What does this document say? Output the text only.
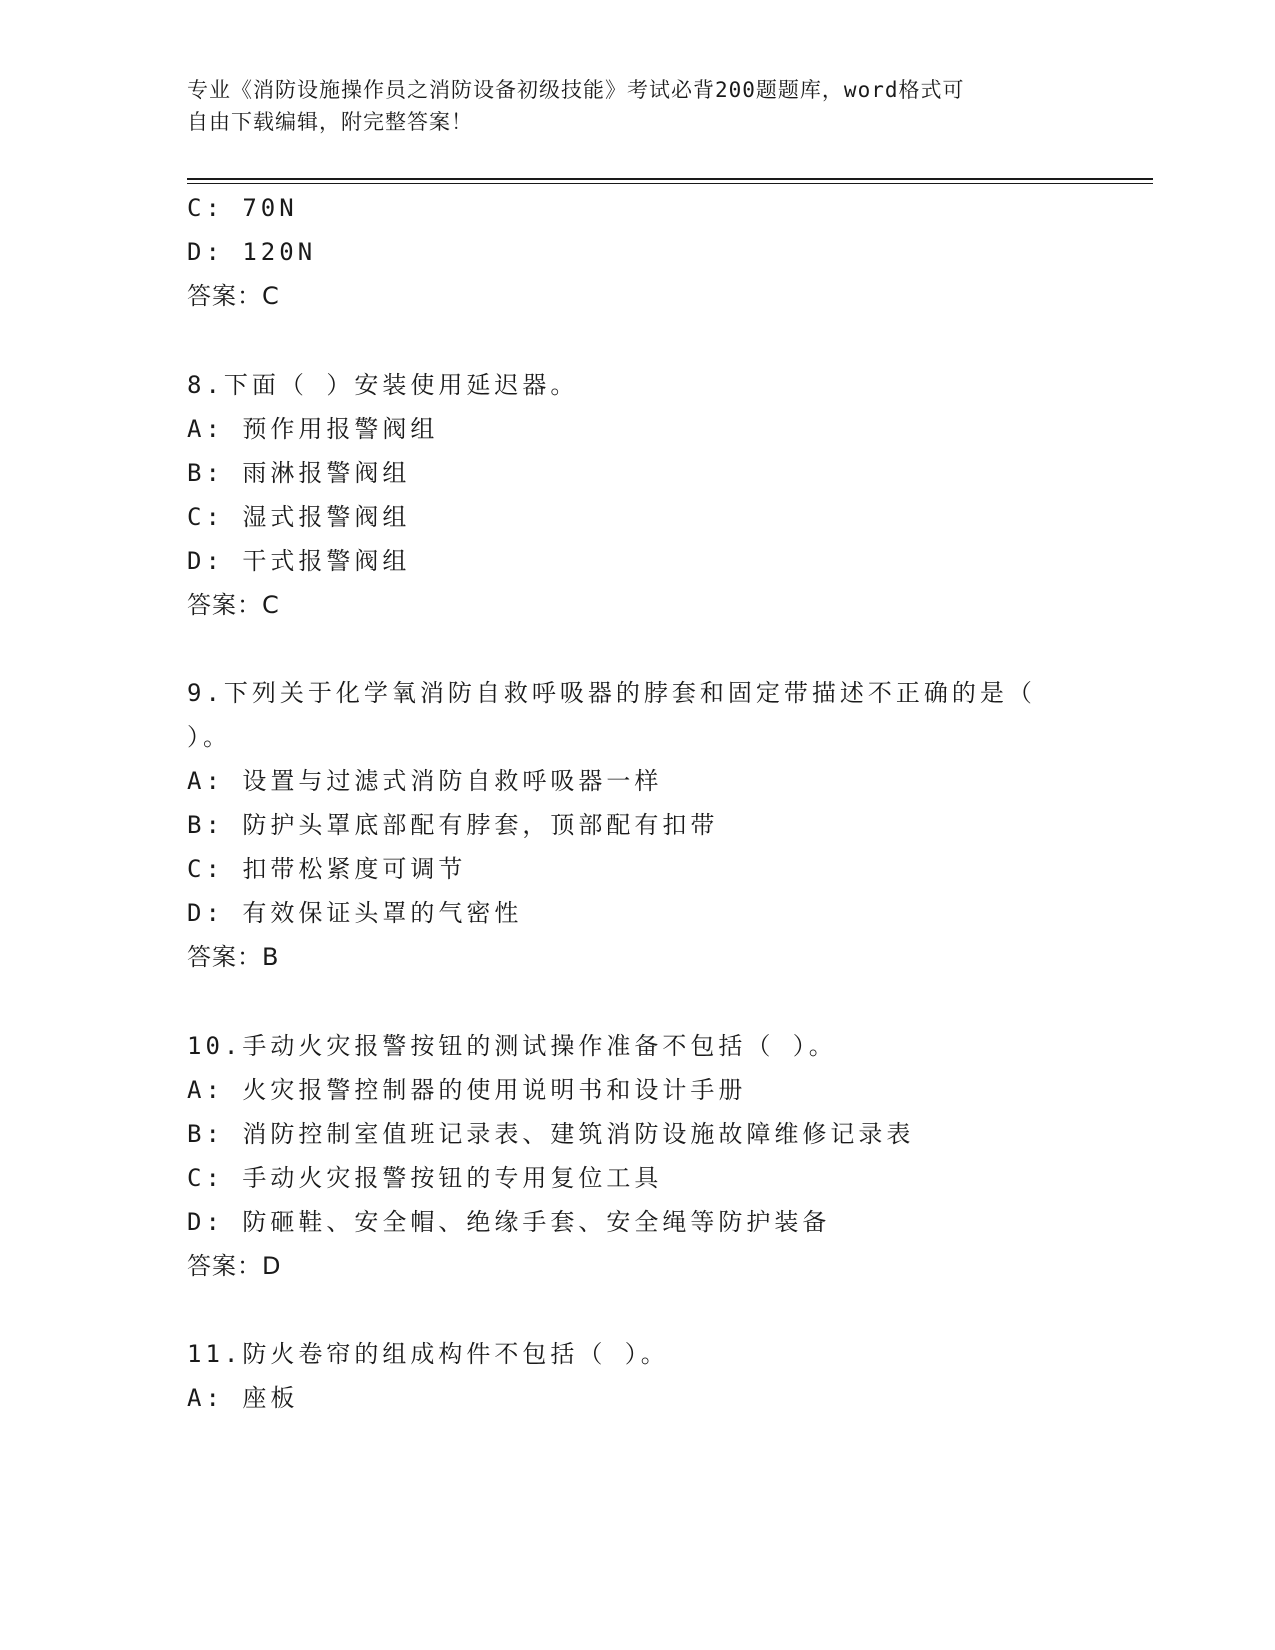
专业《消防设施操作员之消防设备初级技能》考试必背200题题库，word格式可
自由下载编辑，附完整答案！
C: 70N
D: 120N
答案：C
8.下面（ ）安装使用延迟器。
A: 预作用报警阀组
B: 雨淋报警阀组
C: 湿式报警阀组
D: 干式报警阀组
答案：C
9.下列关于化学氧消防自救呼吸器的脖套和固定带描述不正确的是（
）。
A: 设置与过滤式消防自救呼吸器一样
B: 防护头罩底部配有脖套，顶部配有扣带
C: 扣带松紧度可调节
D: 有效保证头罩的气密性
答案：B
10.手动火灾报警按钮的测试操作准备不包括（ ）。
A: 火灾报警控制器的使用说明书和设计手册
B: 消防控制室值班记录表、建筑消防设施故障维修记录表
C: 手动火灾报警按钮的专用复位工具
D: 防砸鞋、安全帽、绝缘手套、安全绳等防护装备
答案：D
11.防火卷帘的组成构件不包括（ ）。
A: 座板
